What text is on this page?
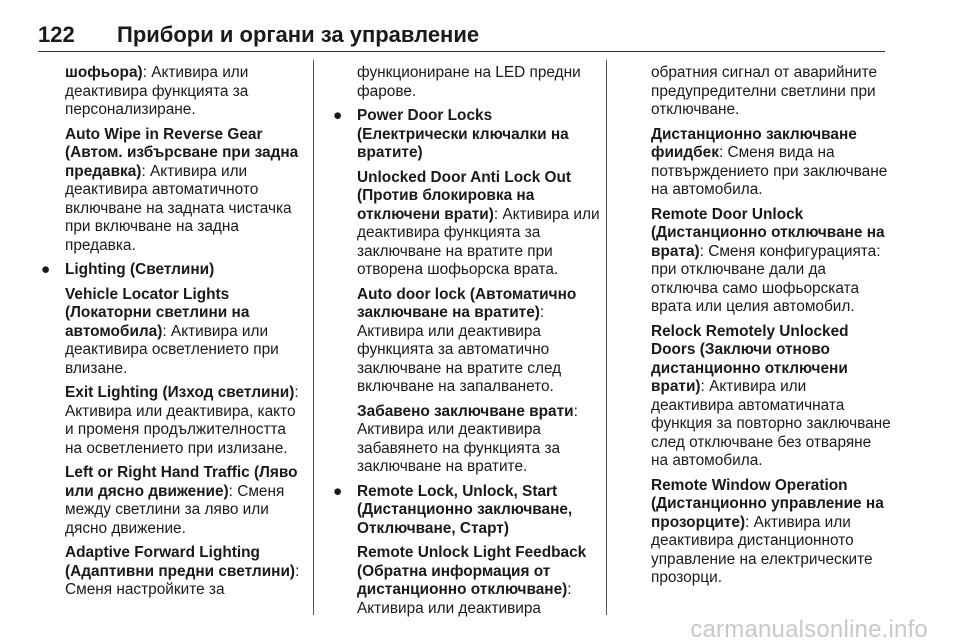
122 Прибори и органи за управление

шофьора): Активира или деактивира функцията за персонализиране.

Auto Wipe in Reverse Gear (Автом. избърсване при задна предавка): Активира или деактивира автоматичното включване на задната чистачка при включване на задна предавка.

● Lighting (Светлини)

Vehicle Locator Lights (Локаторни светлини на автомобила): Активира или деактивира осветлението при влизане.

Exit Lighting (Изход светлини): Активира или деактивира, както и променя продължителността на осветлението при излизане.

Left or Right Hand Traffic (Ляво или дясно движение): Сменя между светлини за ляво или дясно движение.

Adaptive Forward Lighting (Адаптивни предни светлини): Сменя настройките за

функциониране на LED предни фарове.

● Power Door Locks (Електрически ключалки на вратите)

Unlocked Door Anti Lock Out (Против блокировка на отключени врати): Активира или деактивира функцията за заключване на вратите при отворена шофьорска врата.

Auto door lock (Автоматично заключване на вратите): Активира или деактивира функцията за автоматично заключване на вратите след включване на запалването.

Забавено заключване врати: Активира или деактивира забавянето на функцията за заключване на вратите.

● Remote Lock, Unlock, Start (Дистанционно заключване, Отключване, Старт)

Remote Unlock Light Feedback (Обратна информация от дистанционно отключване): Активира или деактивира

обратния сигнал от аварийните предупредителни светлини при отключване.

Дистанционно заключване фиидбек: Сменя вида на потвърждението при заключване на автомобила.

Remote Door Unlock (Дистанционно отключване на врата): Сменя конфигурацията: при отключване дали да отключва само шофьорската врата или целия автомобил.

Relock Remotely Unlocked Doors (Заключи отново дистанционно отключени врати): Активира или деактивира автоматичната функция за повторно заключване след отключване без отваряне на автомобила.

Remote Window Operation (Дистанционно управление на прозорците): Активира или деактивира дистанционното управление на електрическите прозорци.

carmanualsonline.info
